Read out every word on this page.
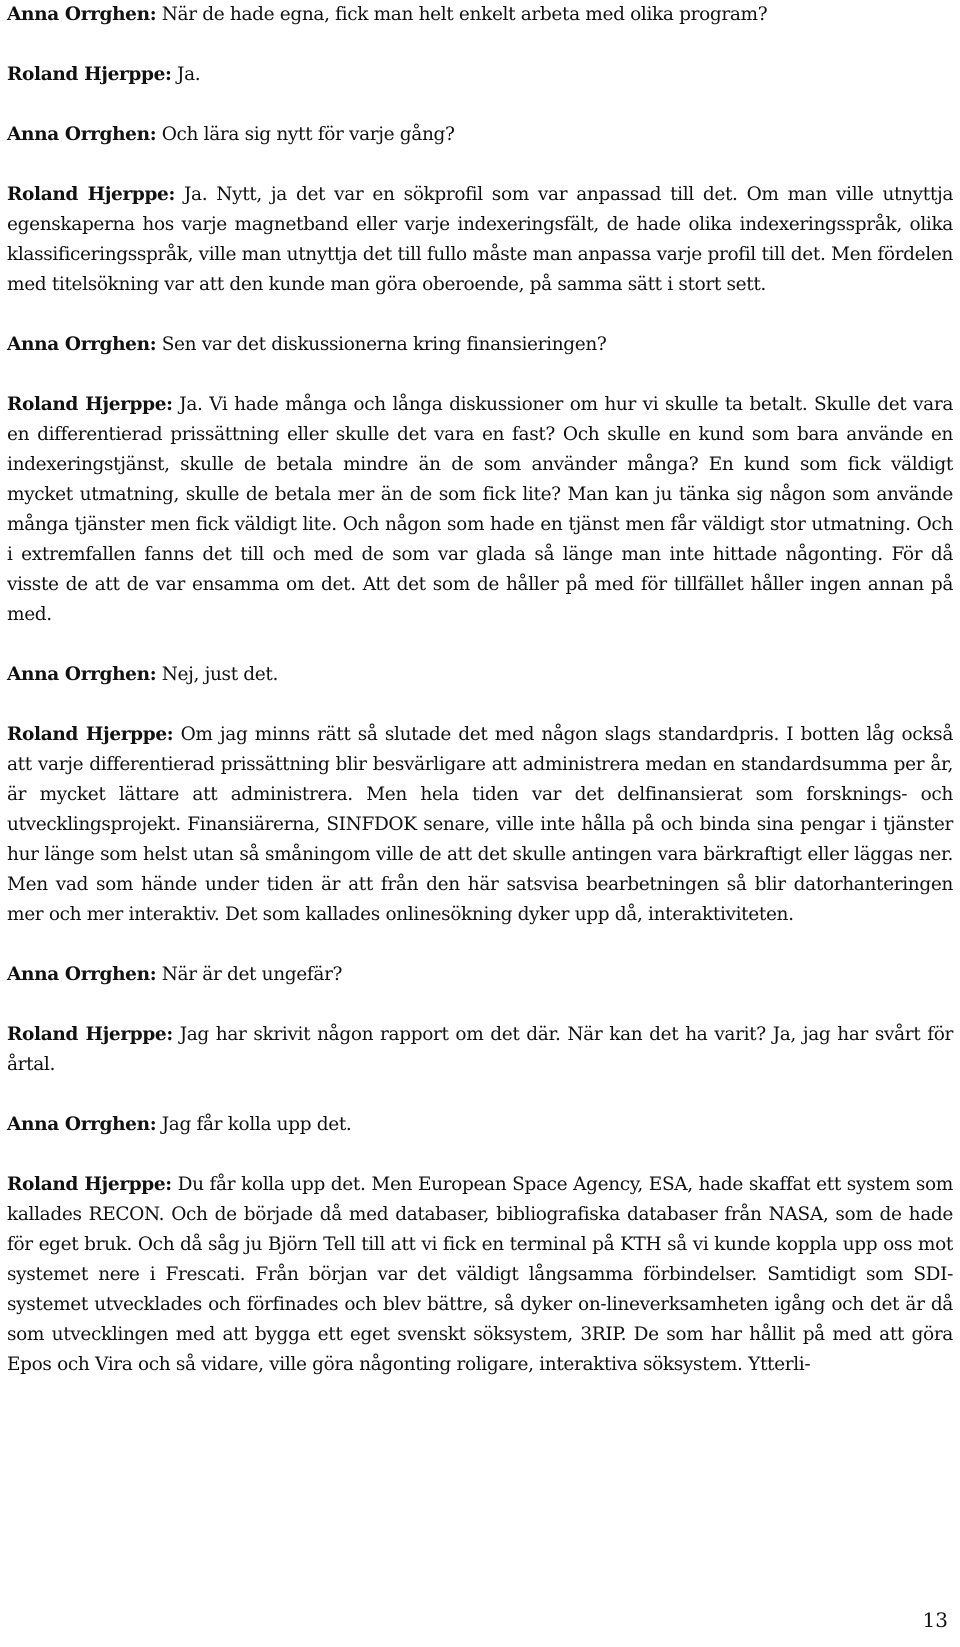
Anna Orrghen: När de hade egna, fick man helt enkelt arbeta med olika program?

Roland Hjerppe: Ja.

Anna Orrghen: Och lära sig nytt för varje gång?

Roland Hjerppe: Ja. Nytt, ja det var en sökprofil som var anpassad till det. Om man ville utnyttja egenskaperna hos varje magnetband eller varje indexeringsfält, de hade olika indexeringsspråk, olika klassificeringsspråk, ville man utnyttja det till fullo måste man anpassa varje profil till det. Men fördelen med titelsökning var att den kunde man göra oberoende, på samma sätt i stort sett.

Anna Orrghen: Sen var det diskussionerna kring finansieringen?

Roland Hjerppe: Ja. Vi hade många och långa diskussioner om hur vi skulle ta betalt. Skulle det vara en differentierad prissättning eller skulle det vara en fast? Och skulle en kund som bara använde en indexeringstjänst, skulle de betala mindre än de som använder många? En kund som fick väldigt mycket utmatning, skulle de betala mer än de som fick lite? Man kan ju tänka sig någon som använde många tjänster men fick väldigt lite. Och någon som hade en tjänst men får väldigt stor utmatning. Och i extremfallen fanns det till och med de som var glada så länge man inte hittade någonting. För då visste de att de var ensamma om det. Att det som de håller på med för tillfället håller ingen annan på med.

Anna Orrghen: Nej, just det.

Roland Hjerppe: Om jag minns rätt så slutade det med någon slags standardpris. I botten låg också att varje differentierad prissättning blir besvärligare att administrera medan en standardsumma per år, är mycket lättare att administrera. Men hela tiden var det delfinansierat som forsknings- och utvecklingsprojekt. Finansiärerna, SINFDOK senare, ville inte hålla på och binda sina pengar i tjänster hur länge som helst utan så småningom ville de att det skulle antingen vara bärkraftigt eller läggas ner. Men vad som hände under tiden är att från den här satsvisa bearbetningen så blir datorhanteringen mer och mer interaktiv. Det som kallades onlinesökning dyker upp då, interaktiviteten.

Anna Orrghen: När är det ungefär?

Roland Hjerppe: Jag har skrivit någon rapport om det där. När kan det ha varit? Ja, jag har svårt för årtal.

Anna Orrghen: Jag får kolla upp det.

Roland Hjerppe: Du får kolla upp det. Men European Space Agency, ESA, hade skaffat ett system som kallades RECON. Och de började då med databaser, bibliografiska databaser från NASA, som de hade för eget bruk. Och då såg ju Björn Tell till att vi fick en terminal på KTH så vi kunde koppla upp oss mot systemet nere i Frescati. Från början var det väldigt långsamma förbindelser. Samtidigt som SDI-systemet utvecklades och förfinades och blev bättre, så dyker on-lineverksamheten igång och det är då som utvecklingen med att bygga ett eget svenskt söksystem, 3RIP. De som har hållit på med att göra Epos och Vira och så vidare, ville göra någonting roligare, interaktiva söksystem. Ytterli-

13
